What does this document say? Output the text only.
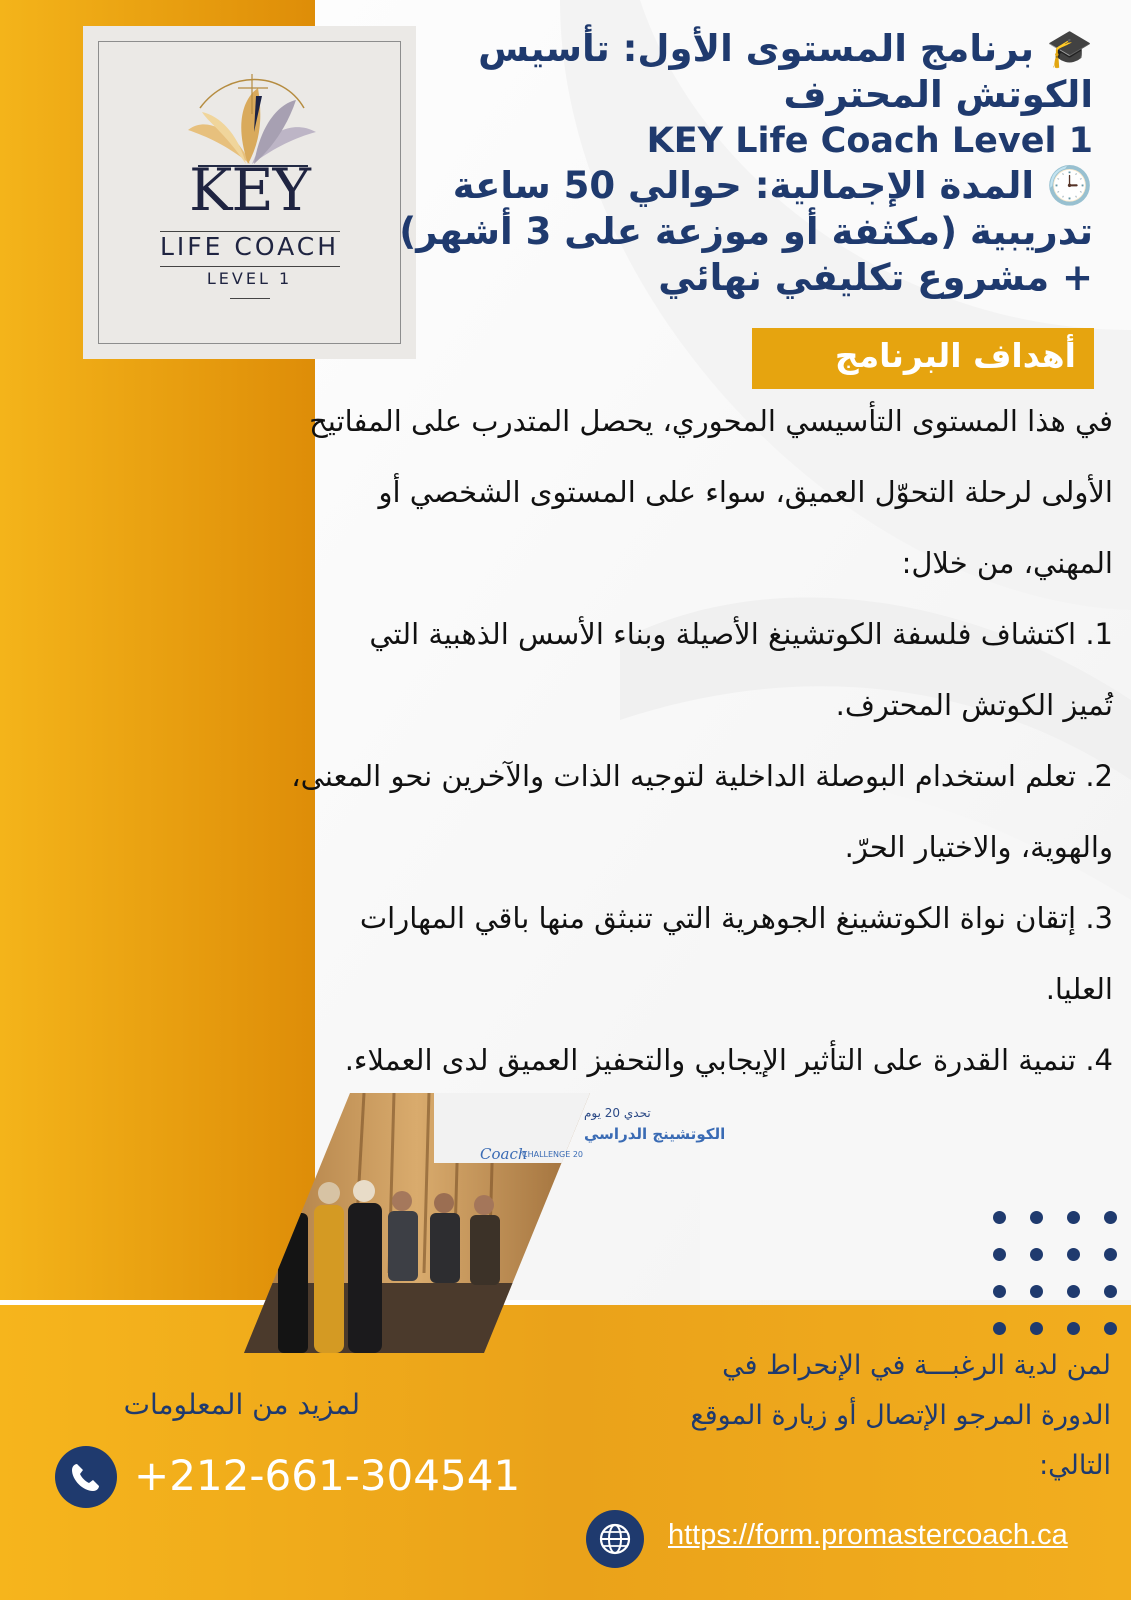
KEY
LIFE COACH
LEVEL 1
🎓 برنامج المستوى الأول: تأسيس
الكوتش المحترف
KEY Life Coach Level 1
🕒 المدة الإجمالية: حوالي 50 ساعة
تدريبية (مكثفة أو موزعة على 3 أشهر)
+ مشروع تكليفي نهائي
أهداف البرنامج
في هذا المستوى التأسيسي المحوري، يحصل المتدرب على المفاتيح
الأولى لرحلة التحوّل العميق، سواء على المستوى الشخصي أو
المهني، من خلال:
1. اكتشاف فلسفة الكوتشينغ الأصيلة وبناء الأسس الذهبية التي
تُميز الكوتش المحترف.
2. تعلم استخدام البوصلة الداخلية لتوجيه الذات والآخرين نحو المعنى،
والهوية، والاختيار الحرّ.
3. إتقان نواة الكوتشينغ الجوهرية التي تنبثق منها باقي المهارات
العليا.
4. تنمية القدرة على التأثير الإيجابي والتحفيز العميق لدى العملاء.
تحدي 20 يوم
الكوتشينج الدراسي
Coach
CHALLENGE 20
لمزيد من المعلومات
+212-661-304541
لمن لدية الرغبـــة في الإنحراط في
الدورة المرجو الإتصال أو زيارة الموقع
التالي:
https://form.promastercoach.ca
